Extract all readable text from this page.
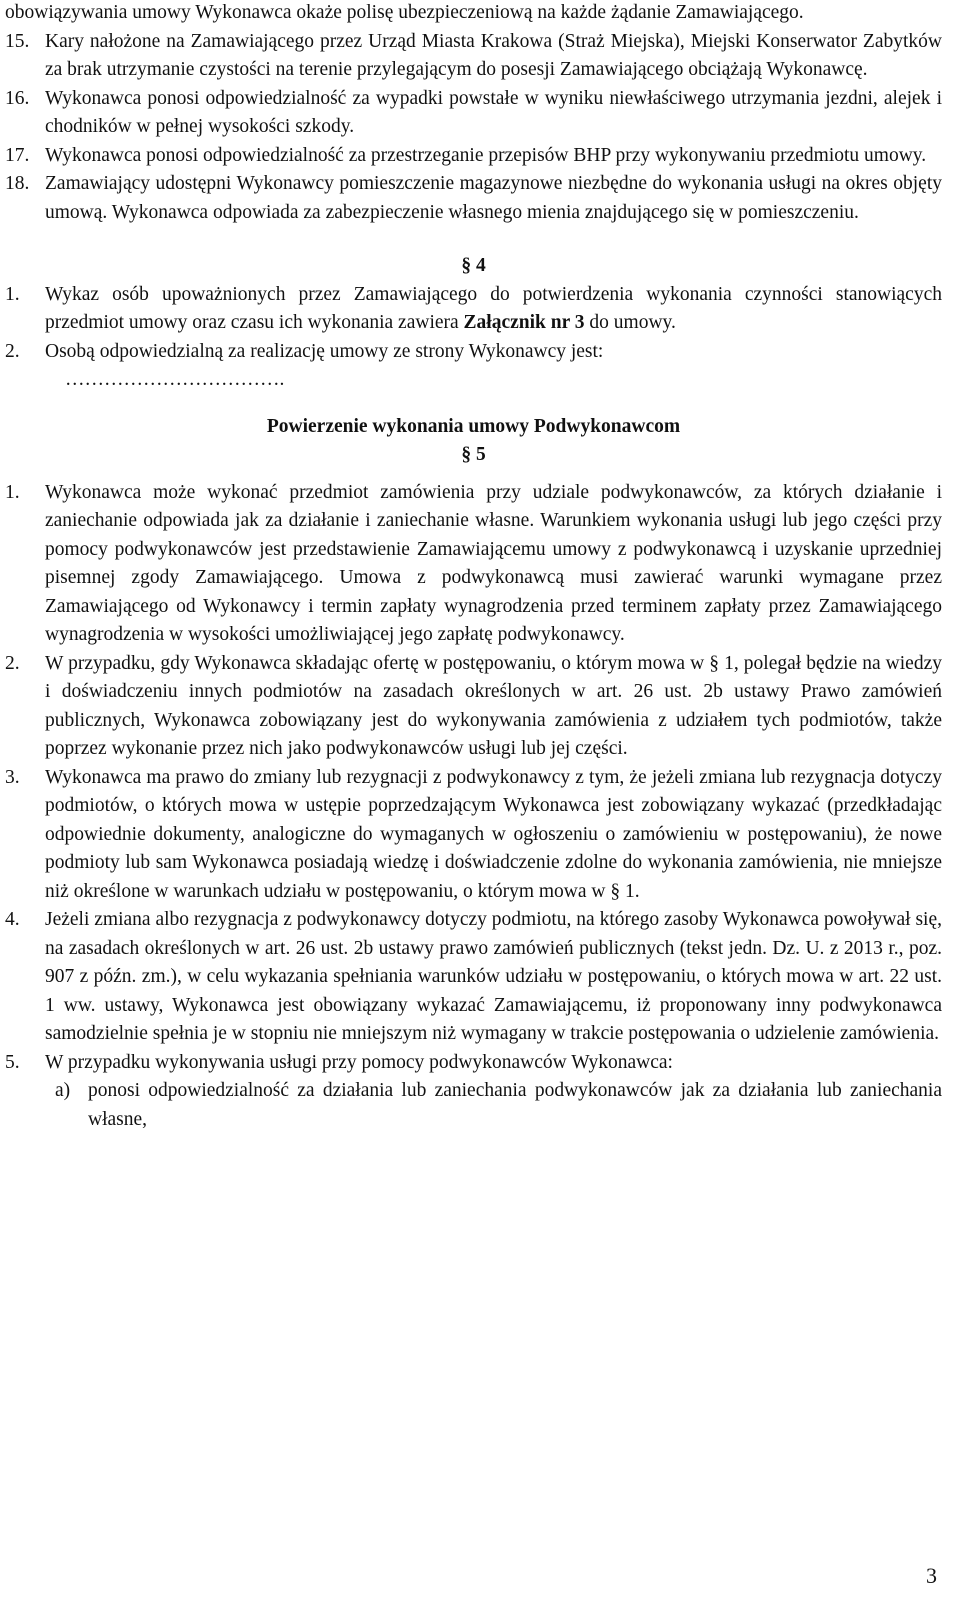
obowiązywania umowy Wykonawca okaże polisę ubezpieczeniową na każde żądanie Zamawiającego.

15. Kary nałożone na Zamawiającego przez Urząd Miasta Krakowa (Straż Miejska), Miejski Konserwator Zabytków za brak utrzymanie czystości na terenie przylegającym do posesji Zamawiającego obciążają Wykonawcę.
16. Wykonawca ponosi odpowiedzialność za wypadki powstałe w wyniku niewłaściwego utrzymania jezdni, alejek i chodników w pełnej wysokości szkody.
17. Wykonawca ponosi odpowiedzialność za przestrzeganie przepisów BHP przy wykonywaniu przedmiotu umowy.
18. Zamawiający udostępni Wykonawcy pomieszczenie magazynowe niezbędne do wykonania usługi na okres objęty umową. Wykonawca odpowiada za zabezpieczenie własnego mienia znajdującego się w pomieszczeniu.

§ 4

1.	Wykaz osób upoważnionych przez Zamawiającego do potwierdzenia wykonania czynności stanowiących przedmiot umowy oraz czasu ich wykonania zawiera Załącznik nr 3 do umowy.
2.	Osobą odpowiedzialną za realizację umowy ze strony Wykonawcy jest:

…………………………….

Powierzenie wykonania umowy Podwykonawcom

§ 5

1.	Wykonawca może wykonać przedmiot zamówienia przy udziale podwykonawców, za których działanie i zaniechanie odpowiada jak za działanie i zaniechanie własne. Warunkiem wykonania usługi lub jego części przy pomocy podwykonawców jest przedstawienie Zamawiającemu umowy z podwykonawcą i uzyskanie uprzedniej pisemnej zgody Zamawiającego. Umowa z podwykonawcą musi zawierać warunki wymagane przez Zamawiającego od Wykonawcy i termin zapłaty wynagrodzenia przed terminem zapłaty przez Zamawiającego wynagrodzenia w wysokości umożliwiającej jego zapłatę podwykonawcy.
2.	W przypadku, gdy Wykonawca składając ofertę w postępowaniu, o którym mowa w § 1, polegał będzie na wiedzy i doświadczeniu innych podmiotów na zasadach określonych w art. 26 ust. 2b ustawy Prawo zamówień publicznych, Wykonawca zobowiązany jest do wykonywania zamówienia z udziałem tych podmiotów, także poprzez wykonanie przez nich jako podwykonawców usługi lub jej części.
3.	Wykonawca ma prawo do zmiany lub rezygnacji z podwykonawcy z tym, że jeżeli zmiana lub rezygnacja dotyczy podmiotów, o których mowa w ustępie poprzedzającym Wykonawca jest zobowiązany wykazać (przedkładając odpowiednie dokumenty, analogiczne do wymaganych w ogłoszeniu o zamówieniu w postępowaniu), że nowe podmioty lub sam Wykonawca posiadają wiedzę i doświadczenie zdolne do wykonania zamówienia, nie mniejsze niż określone w warunkach udziału w postępowaniu, o którym mowa w § 1.
4.	Jeżeli zmiana albo rezygnacja z podwykonawcy dotyczy podmiotu, na którego zasoby Wykonawca powoływał się, na zasadach określonych w art. 26 ust. 2b ustawy prawo zamówień publicznych (tekst jedn. Dz. U. z 2013 r., poz. 907 z późn. zm.), w celu wykazania spełniania warunków udziału w postępowaniu, o których mowa w art. 22 ust. 1 ww. ustawy, Wykonawca jest obowiązany wykazać Zamawiającemu, iż proponowany inny podwykonawca samodzielnie spełnia je w stopniu nie mniejszym niż wymagany w trakcie postępowania o udzielenie zamówienia.
5.	W przypadku wykonywania usługi przy pomocy podwykonawców Wykonawca:
a) ponosi odpowiedzialność za działania lub zaniechania podwykonawców jak za działania lub zaniechania własne,
3
